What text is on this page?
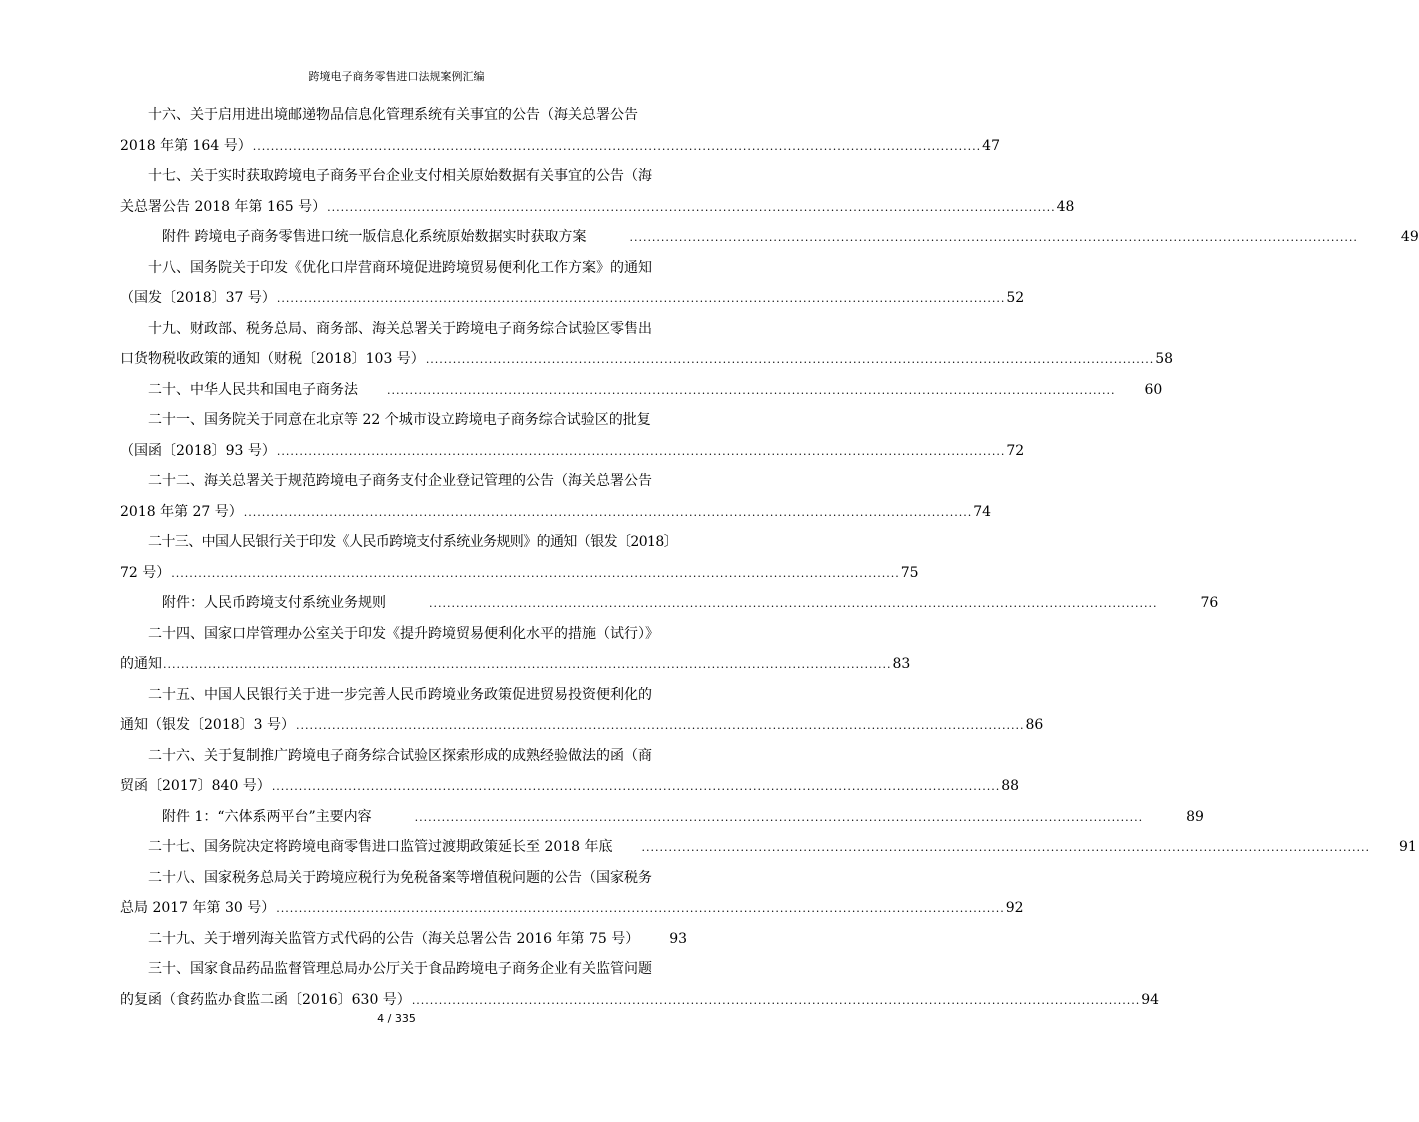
跨境电子商务零售进口法规案例汇编
十六、关于启用进出境邮递物品信息化管理系统有关事宜的公告（海关总署公告
2018 年第 164 号） .................................................................................................................................................................. 47
十七、关于实时获取跨境电子商务平台企业支付相关原始数据有关事宜的公告（海
关总署公告 2018 年第 165 号） .................................................................................................................................................................. 48
附件 跨境电子商务零售进口统一版信息化系统原始数据实时获取方案	..................................................................................................................................................................	49
十八、国务院关于印发《优化口岸营商环境促进跨境贸易便利化工作方案》的通知
（国发〔2018〕37 号） .................................................................................................................................................................. 52
十九、财政部、税务总局、商务部、海关总署关于跨境电子商务综合试验区零售出
口货物税收政策的通知（财税〔2018〕103 号） .................................................................................................................................................................. 58
二十、中华人民共和国电子商务法	..................................................................................................................................................................	60
二十一、国务院关于同意在北京等 22 个城市设立跨境电子商务综合试验区的批复
（国函〔2018〕93 号） .................................................................................................................................................................. 72
二十二、海关总署关于规范跨境电子商务支付企业登记管理的公告（海关总署公告
2018 年第 27 号） .................................................................................................................................................................. 74
二十三、中国人民银行关于印发《人民币跨境支付系统业务规则》的通知（银发〔2018〕
72 号） .................................................................................................................................................................. 75
附件：人民币跨境支付系统业务规则	..................................................................................................................................................................	76
二十四、国家口岸管理办公室关于印发《提升跨境贸易便利化水平的措施（试行）》
的通知 .................................................................................................................................................................. 83
二十五、中国人民银行关于进一步完善人民币跨境业务政策促进贸易投资便利化的
通知（银发〔2018〕3 号） .................................................................................................................................................................. 86
二十六、关于复制推广跨境电子商务综合试验区探索形成的成熟经验做法的函（商
贸函〔2017〕840 号） .................................................................................................................................................................. 88
附件 1：“六体系两平台”主要内容	..................................................................................................................................................................	89
二十七、国务院决定将跨境电商零售进口监管过渡期政策延长至 2018 年底	..................................................................................................................................................................	91
二十八、国家税务总局关于跨境应税行为免税备案等增值税问题的公告（国家税务
总局 2017 年第 30 号） .................................................................................................................................................................. 92
二十九、关于增列海关监管方式代码的公告（海关总署公告 2016 年第 75 号）	93
三十、国家食品药品监督管理总局办公厅关于食品跨境电子商务企业有关监管问题
的复函（食药监办食监二函〔2016〕630 号） .................................................................................................................................................................. 94
4 / 335
